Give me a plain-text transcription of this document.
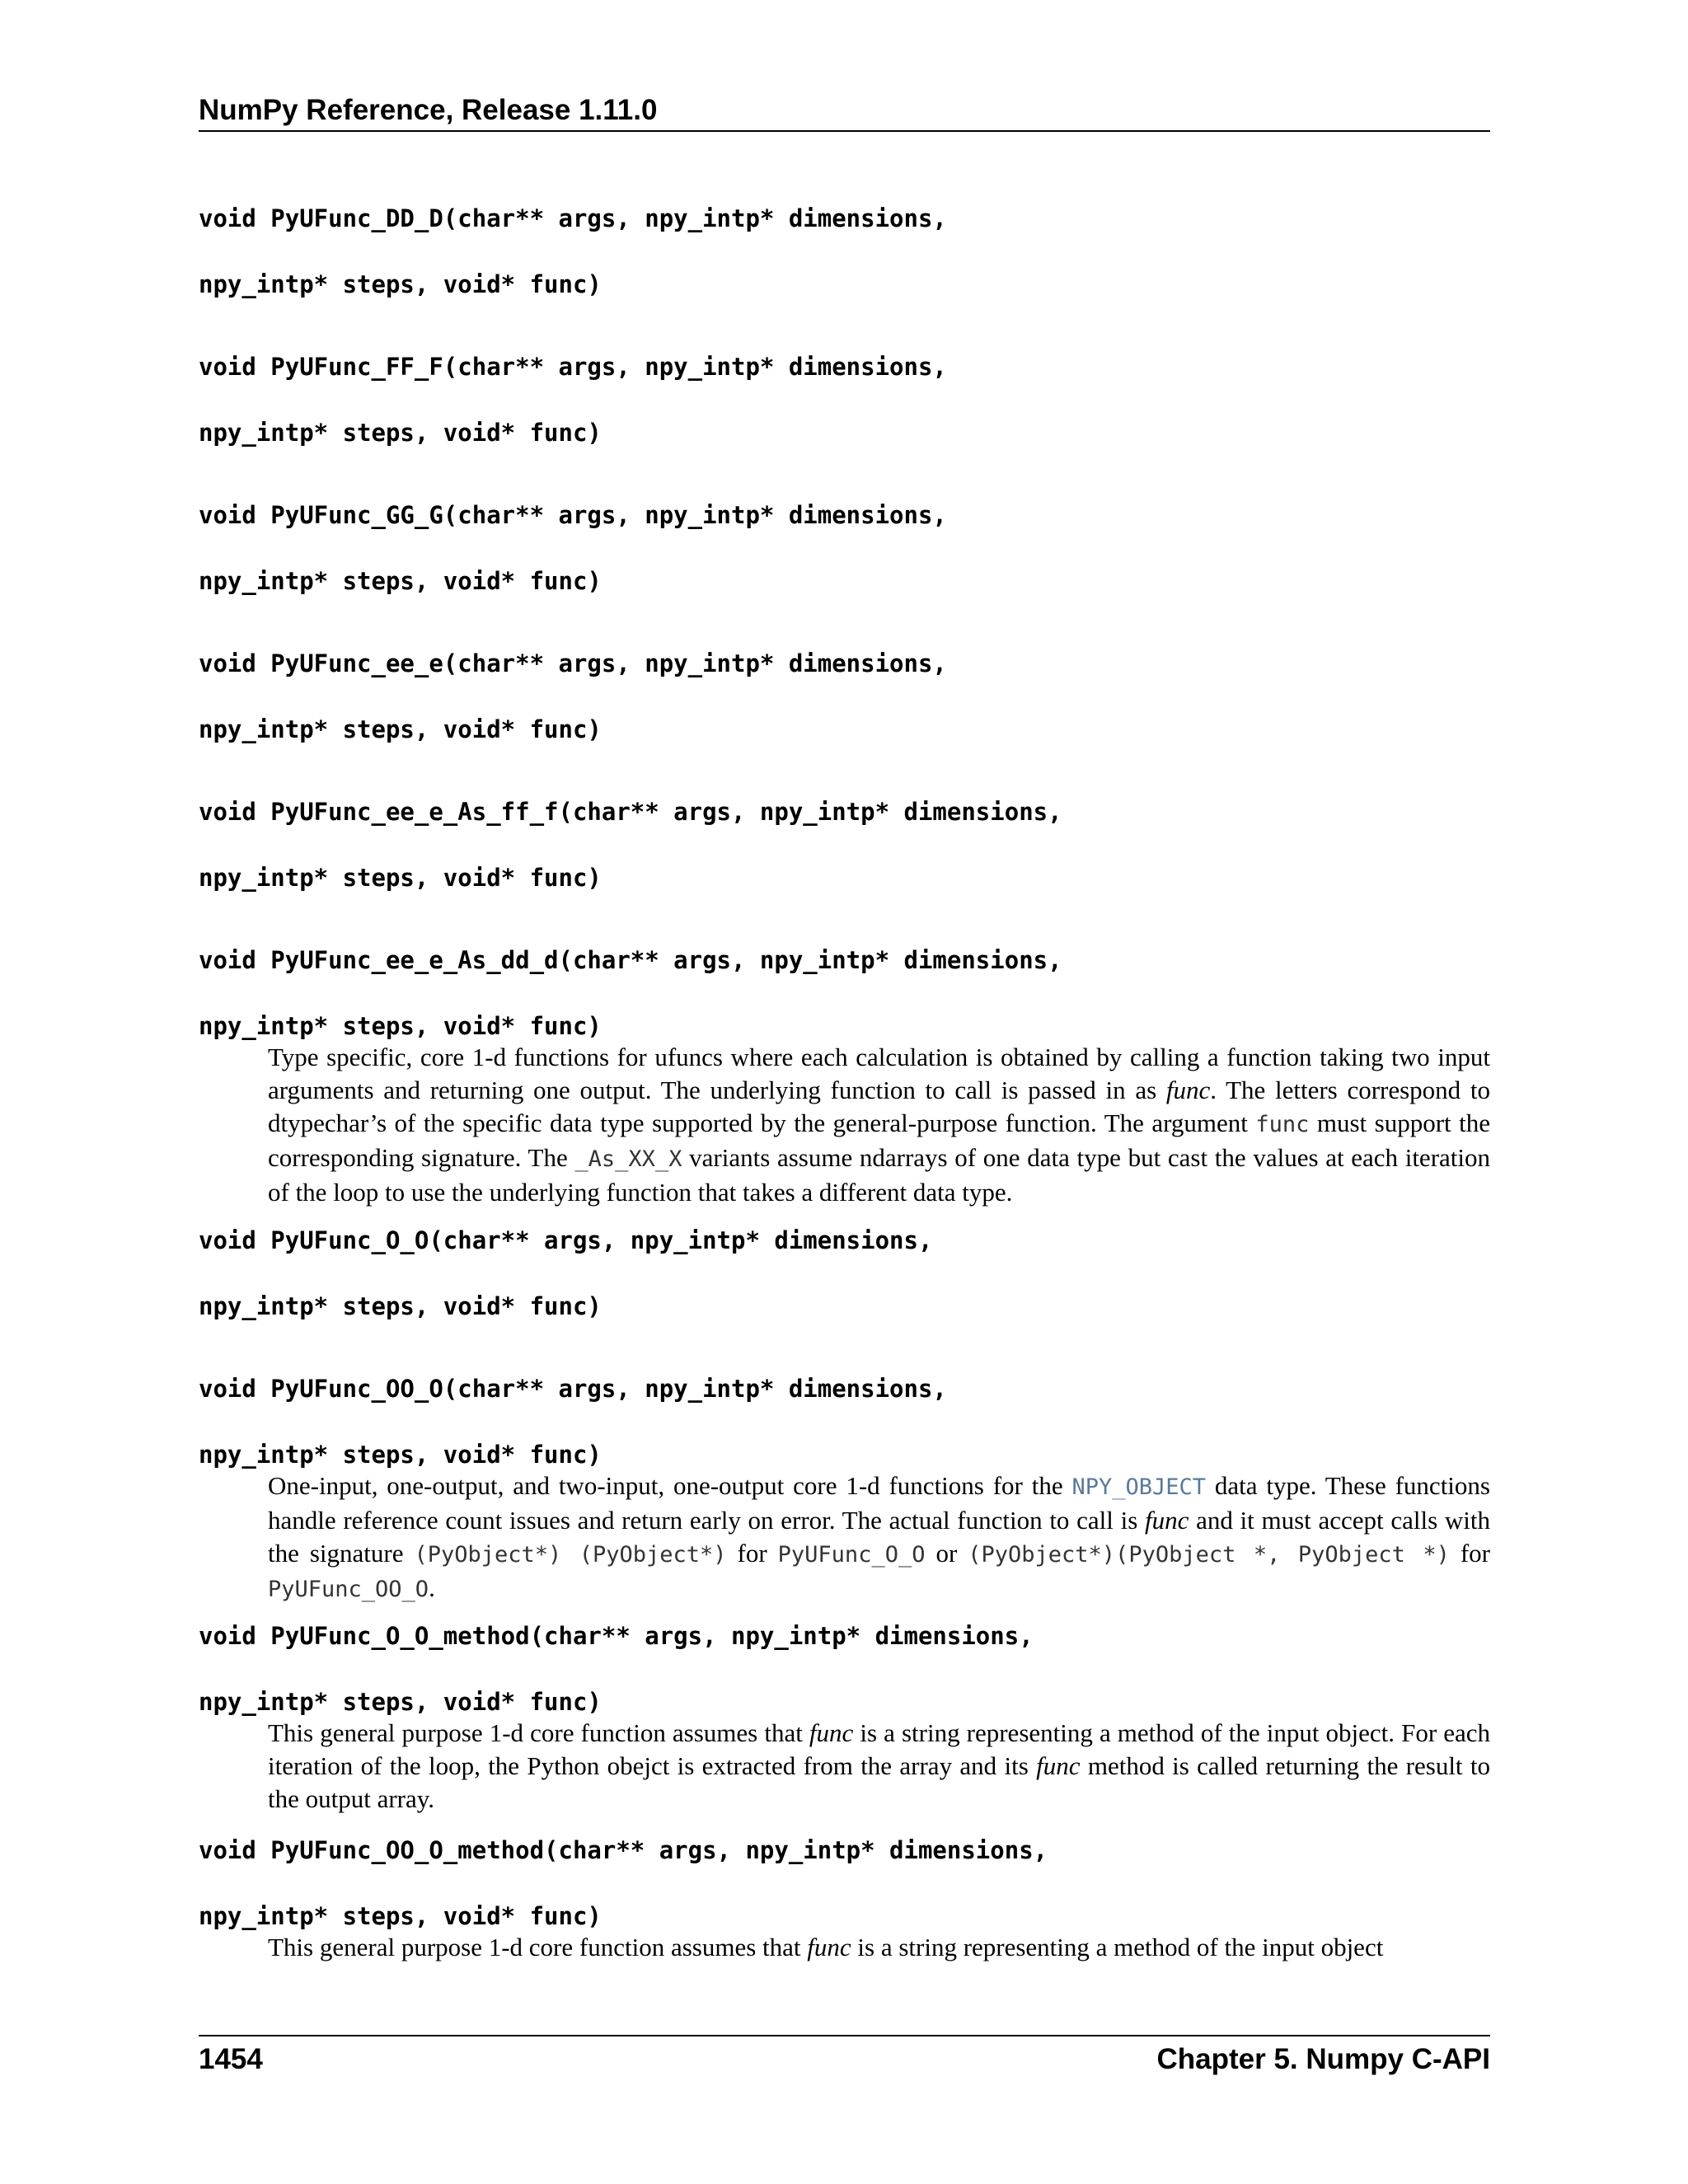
NumPy Reference, Release 1.11.0
void PyUFunc_DD_D(char** args, npy_intp* dimensions,
npy_intp* steps, void* func)
void PyUFunc_FF_F(char** args, npy_intp* dimensions,
npy_intp* steps, void* func)
void PyUFunc_GG_G(char** args, npy_intp* dimensions,
npy_intp* steps, void* func)
void PyUFunc_ee_e(char** args, npy_intp* dimensions,
npy_intp* steps, void* func)
void PyUFunc_ee_e_As_ff_f(char** args, npy_intp* dimensions,
npy_intp* steps, void* func)
void PyUFunc_ee_e_As_dd_d(char** args, npy_intp* dimensions,
npy_intp* steps, void* func)
Type specific, core 1-d functions for ufuncs where each calculation is obtained by calling a function taking two input arguments and returning one output. The underlying function to call is passed in as func. The letters correspond to dtypechar’s of the specific data type supported by the general-purpose function. The argument func must support the corresponding signature. The _As_XX_X variants assume ndarrays of one data type but cast the values at each iteration of the loop to use the underlying function that takes a different data type.
void PyUFunc_O_O(char** args, npy_intp* dimensions,
npy_intp* steps, void* func)
void PyUFunc_OO_O(char** args, npy_intp* dimensions,
npy_intp* steps, void* func)
One-input, one-output, and two-input, one-output core 1-d functions for the NPY_OBJECT data type. These functions handle reference count issues and return early on error. The actual function to call is func and it must accept calls with the signature (PyObject*) (PyObject*) for PyUFunc_O_O or (PyObject*)(PyObject *, PyObject *) for PyUFunc_OO_O.
void PyUFunc_O_O_method(char** args, npy_intp* dimensions,
npy_intp* steps, void* func)
This general purpose 1-d core function assumes that func is a string representing a method of the input object. For each iteration of the loop, the Python obejct is extracted from the array and its func method is called returning the result to the output array.
void PyUFunc_OO_O_method(char** args, npy_intp* dimensions,
npy_intp* steps, void* func)
This general purpose 1-d core function assumes that func is a string representing a method of the input object
1454	Chapter 5. Numpy C-API
